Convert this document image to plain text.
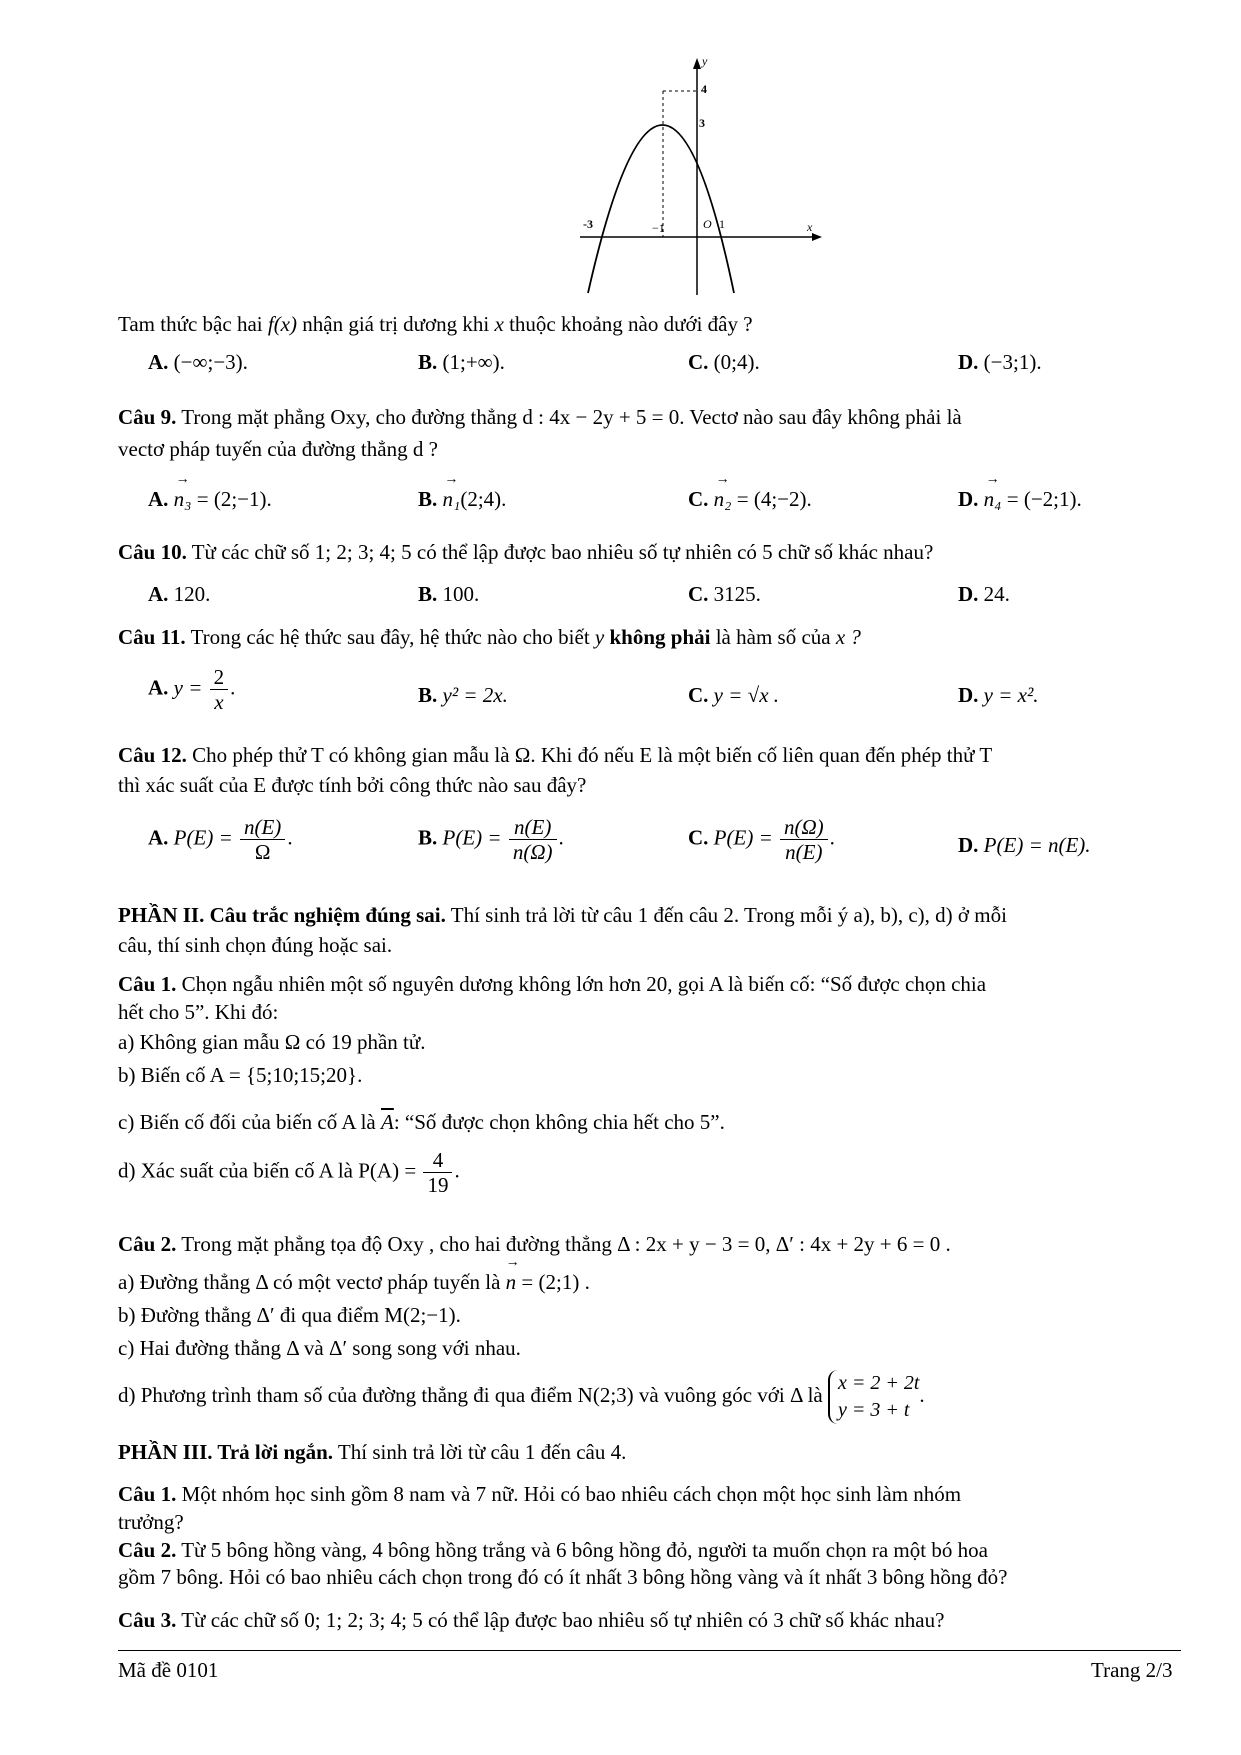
y
x
4
3
-3	−1	O 1
Tam thức bậc hai f(x) nhận giá trị dương khi x thuộc khoảng nào dưới đây ?
A. (−∞;−3).	B. (1;+∞).	C. (0;4).	D. (−3;1).
Câu 9. Trong mặt phẳng Oxy, cho đường thẳng d : 4x − 2y + 5 = 0. Vectơ nào sau đây không phải là
vectơ pháp tuyến của đường thẳng d ?
A. → n₃ = (2;−1).	B. → n₁(2;4).	C. → n₂ = (4;−2).	D. → n₄ = (−2;1).
Câu 10. Từ các chữ số 1; 2; 3; 4; 5 có thể lập được bao nhiêu số tự nhiên có 5 chữ số khác nhau?
A. 120.	B. 100.	C. 3125.	D. 24.
Câu 11. Trong các hệ thức sau đây, hệ thức nào cho biết y không phải là hàm số của x ?
A. $y = \frac{2}{x}$ .	B. y² = 2x.	C. y = √x .	D. y = x².
Câu 12. Cho phép thử T có không gian mẫu là Ω. Khi đó nếu E là một biến cố liên quan đến phép thử T
thì xác suất của E được tính bởi công thức nào sau đây?
A. $P(E) = \frac{n(E)}{\Omega}$ .	B. $P(E) = \frac{n(E)}{n(\Omega)}$ .	C. $P(E) = \frac{n(\Omega)}{n(E)}$ .	D. P(E) = n(E).
PHẦN II. Câu trắc nghiệm đúng sai. Thí sinh trả lời từ câu 1 đến câu 2. Trong mỗi ý a), b), c), d) ở mỗi
câu, thí sinh chọn đúng hoặc sai.
Câu 1. Chọn ngẫu nhiên một số nguyên dương không lớn hơn 20, gọi A là biến cố: “Số được chọn chia
hết cho 5”. Khi đó:
a) Không gian mẫu Ω có 19 phần tử.
b) Biến cố A = {5;10;15;20}.
c) Biến cố đối của biến cố A là $\overline{A}$: “Số được chọn không chia hết cho 5”.
d) Xác suất của biến cố A là $P(A) = \frac{4}{19}$ .
Câu 2. Trong mặt phẳng tọa độ Oxy , cho hai đường thẳng Δ : 2x + y − 3 = 0, Δ′ : 4x + 2y + 6 = 0 .
a) Đường thẳng Δ có một vectơ pháp tuyến là → n = (2;1) .
b) Đường thẳng Δ′ đi qua điểm M(2;−1).
c) Hai đường thẳng Δ và Δ′ song song với nhau.
d) Phương trình tham số của đường thẳng đi qua điểm N(2;3) và vuông góc với Δ là x = 2 + 2t
y = 3 + t
.
PHẦN III. Trả lời ngắn. Thí sinh trả lời từ câu 1 đến câu 4.
Câu 1. Một nhóm học sinh gồm 8 nam và 7 nữ. Hỏi có bao nhiêu cách chọn một học sinh làm nhóm
trưởng?
Câu 2. Từ 5 bông hồng vàng, 4 bông hồng trắng và 6 bông hồng đỏ, người ta muốn chọn ra một bó hoa
gồm 7 bông. Hỏi có bao nhiêu cách chọn trong đó có ít nhất 3 bông hồng vàng và ít nhất 3 bông hồng đỏ?
Câu 3. Từ các chữ số 0; 1; 2; 3; 4; 5 có thể lập được bao nhiêu số tự nhiên có 3 chữ số khác nhau?
Mã đề 0101	Trang 2/3
